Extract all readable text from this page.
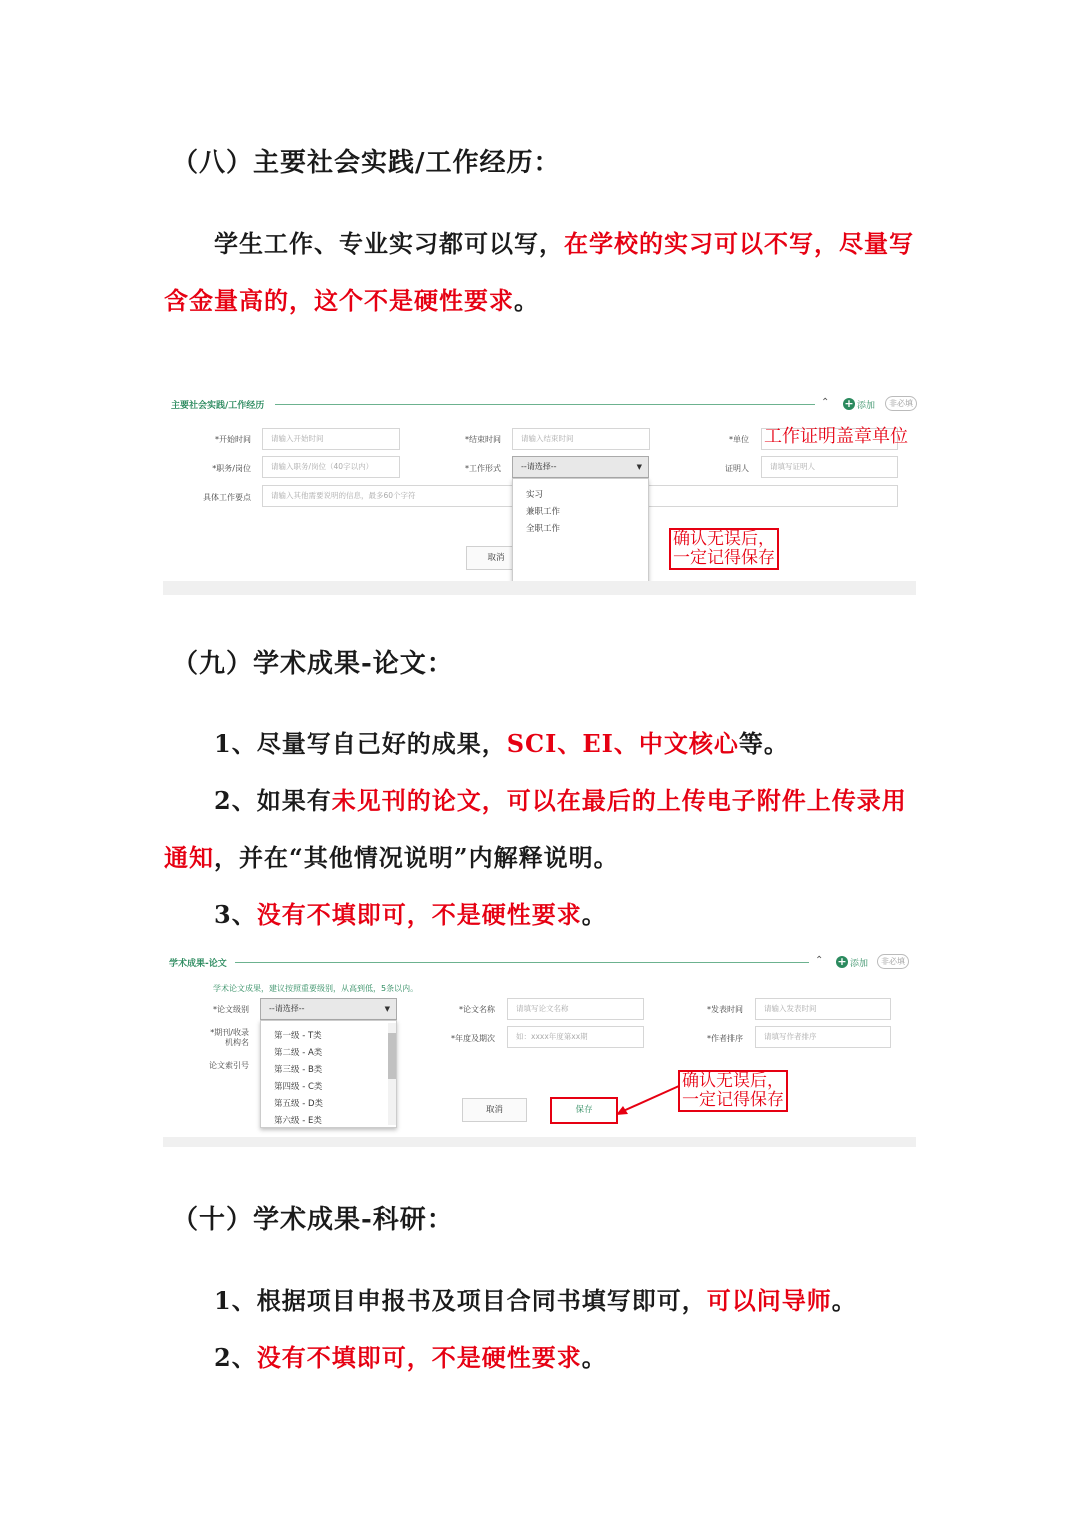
（八）主要社会实践/工作经历：
学生工作、专业实习都可以写，在学校的实习可以不写，尽量写
含金量高的，这个不是硬性要求。
主要社会实践/工作经历	⌃ + 添加	非必填
*开始时间	请输入开始时间	*结束时间	请输入结束时间	*单位 工作证明盖章单位
*职务/岗位	请输入职务/岗位（40字以内）	*工作形式	--请选择--	▼	证明人	请填写证明人
具体工作要点	请输入其他需要说明的信息，最多60个字符
取消
实习
兼职工作
全职工作	确认无误后，
一定记得保存
（九）学术成果-论文：
1、尽量写自己好的成果，SCI、EI、中文核心等。
2、如果有未见刊的论文，可以在最后的上传电子附件上传录用
通知，并在“其他情况说明”内解释说明。
3、没有不填即可，不是硬性要求。
学术成果-论文	⌃ + 添加	非必填
学术论文成果，建议按照重要级别，从高到低，5条以内。
*论文级别	--请选择--	▼	*论文名称	请填写论文名称	*发表时间	请输入发表时间
*期刊/收录
机构名	*年度及期次	如：xxxx年度第xx期	*作者排序	请填写作者排序
论文索引号
第一级 - T类
第二级 - A类
第三级 - B类
第四级 - C类
第五级 - D类
第六级 - E类
取消	保存
确认无误后，
一定记得保存
（十）学术成果-科研：
1、根据项目申报书及项目合同书填写即可，可以问导师。
2、没有不填即可，不是硬性要求。
